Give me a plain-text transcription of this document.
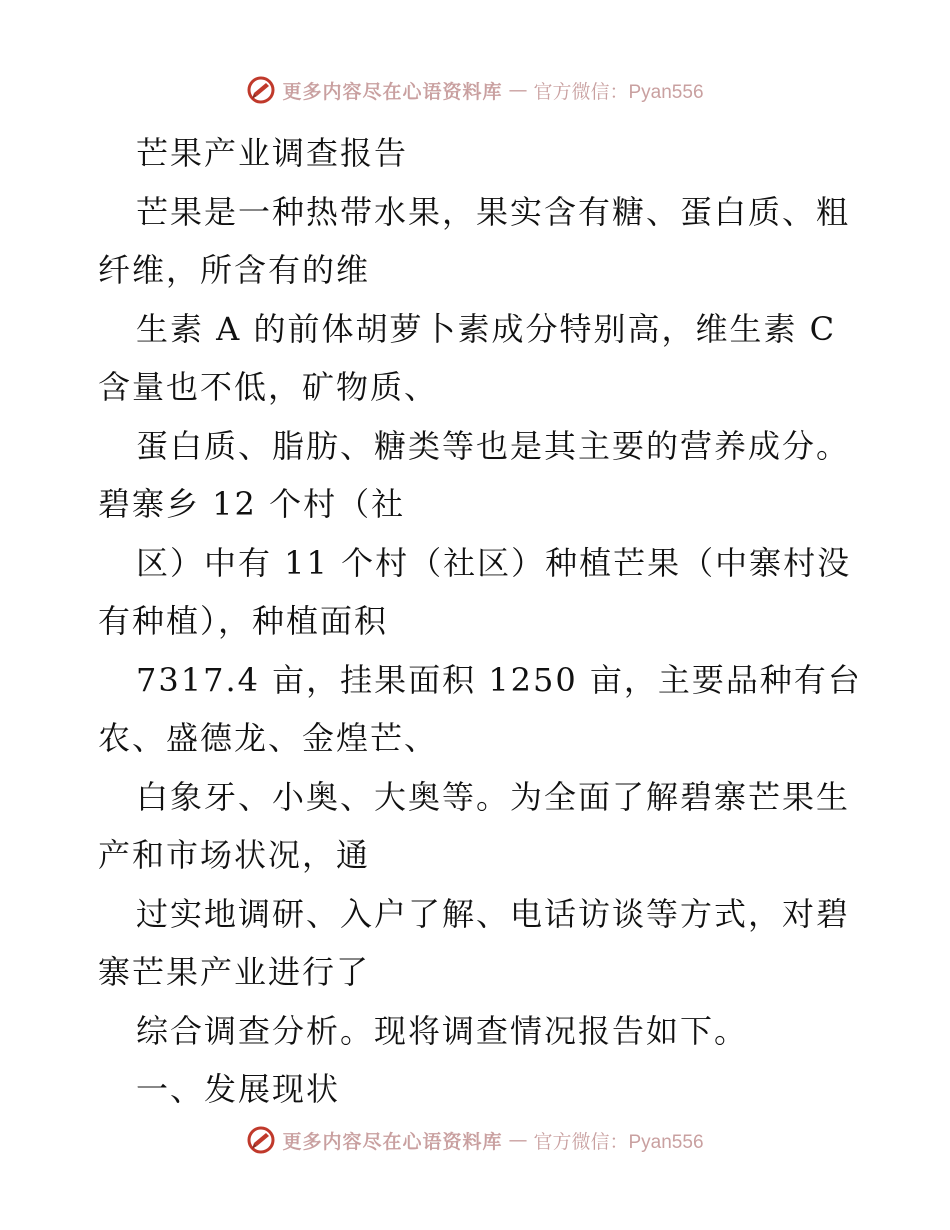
更多内容尽在心语资料库 — 官方微信：Pyan556
芒果产业调查报告
芒果是一种热带水果，果实含有糖、蛋白质、粗
纤维，所含有的维
生素 A 的前体胡萝卜素成分特别高，维生素 C
含量也不低，矿物质、
蛋白质、脂肪、糖类等也是其主要的营养成分。
碧寨乡 12 个村（社
区）中有 11 个村（社区）种植芒果（中寨村没
有种植），种植面积
7317.4 亩，挂果面积 1250 亩，主要品种有台
农、盛德龙、金煌芒、
白象牙、小奥、大奥等。为全面了解碧寨芒果生
产和市场状况，通
过实地调研、入户了解、电话访谈等方式，对碧
寨芒果产业进行了
综合调查分析。现将调查情况报告如下。
一、发展现状
更多内容尽在心语资料库 — 官方微信：Pyan556
